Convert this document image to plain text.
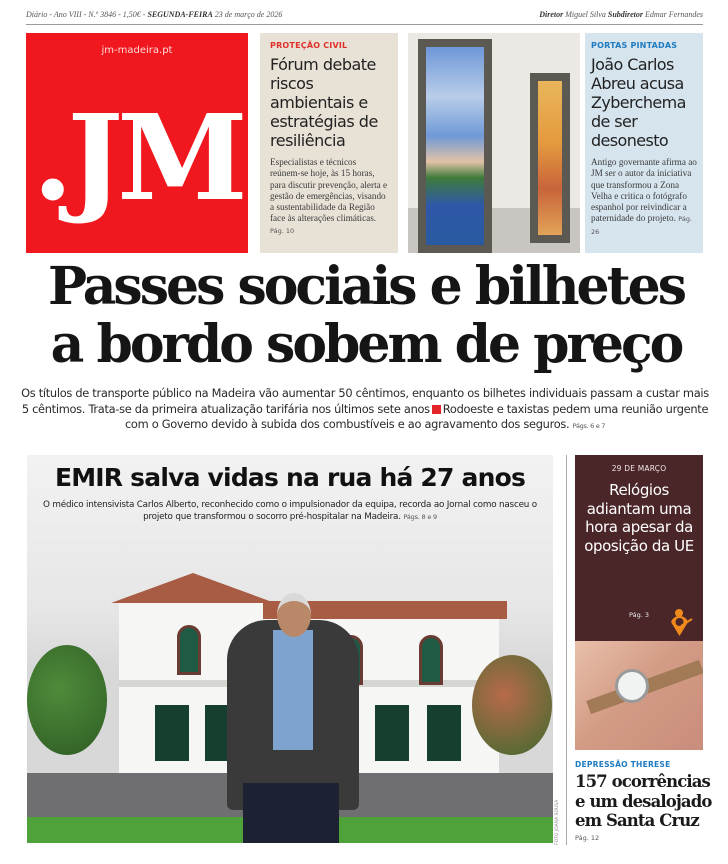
Diário - Ano VIII - N.º 3846 - 1,50€ - SEGUNDA-FEIRA 23 de março de 2026	Diretor Miguel Silva Subdiretor Edmar Fernandes
jm-madeira.pt
.JM
PROTEÇÃO CIVIL
Fórum debate riscos ambientais e estratégias de resiliência

Especialistas e técnicos reúnem-se hoje, às 15 horas, para discutir prevenção, alerta e gestão de emergências, visando a sustentabilidade da Região face às alterações climáticas. Pág. 10

PORTAS PINTADAS
João Carlos Abreu acusa Zyberchema de ser desonesto

Antigo governante afirma ao JM ser o autor da iniciativa que transformou a Zona Velha e critica o fotógrafo espanhol por reivindicar a paternidade do projeto. Pág. 26

Passes sociais e bilhetes a bordo sobem de preço
Os títulos de transporte público na Madeira vão aumentar 50 cêntimos, enquanto os bilhetes individuais passam a custar mais 5 cêntimos. Trata-se da primeira atualização tarifária nos últimos sete anos Rodoeste e taxistas pedem uma reunião urgente com o Governo devido à subida dos combustíveis e ao agravamento dos seguros. Págs. 6 e 7
EMIR salva vidas na rua há 27 anos
O médico intensivista Carlos Alberto, reconhecido como o impulsionador da equipa, recorda ao Jornal como nasceu o projeto que transformou o socorro pré-hospitalar na Madeira. Págs. 8 e 9
FOTO JOANA SOUSA
29 DE MARÇO
Relógios adiantam uma hora apesar da oposição da UE
Pág. 3
DEPRESSÃO THERESE
157 ocorrências e um desalojado em Santa Cruz
Pág. 12
